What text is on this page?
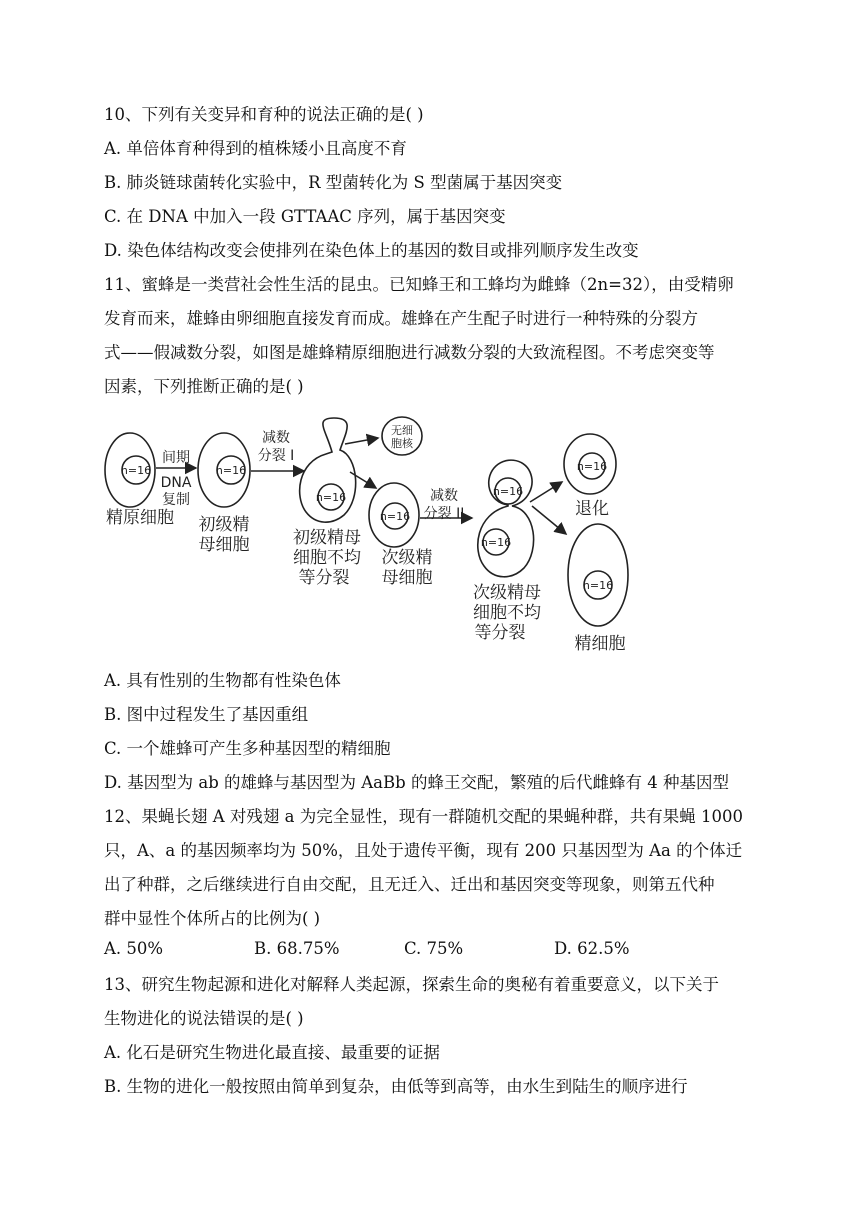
10、下列有关变异和育种的说法正确的是( )
A. 单倍体育种得到的植株矮小且高度不育
B. 肺炎链球菌转化实验中，R 型菌转化为 S 型菌属于基因突变
C. 在 DNA 中加入一段 GTTAAC 序列，属于基因突变
D. 染色体结构改变会使排列在染色体上的基因的数目或排列顺序发生改变
11、蜜蜂是一类营社会性生活的昆虫。已知蜂王和工蜂均为雌蜂（2n=32），由受精卵
发育而来，雄蜂由卵细胞直接发育而成。雄蜂在产生配子时进行一种特殊的分裂方
式——假减数分裂，如图是雄蜂精原细胞进行减数分裂的大致流程图。不考虑突变等
因素，下列推断正确的是( )
n=16	n=16
n=16
n=16
n=16
n=16
n=16
n=16
无细
胞核
间期
DNA
复制
减数
分裂 I
减数
分裂 II
精原细胞 初级精
母细胞	初级精母
细胞不均
等分裂
次级精
母细胞
次级精母
细胞不均
等分裂
退化
精细胞
A. 具有性别的生物都有性染色体
B. 图中过程发生了基因重组
C. 一个雄蜂可产生多种基因型的精细胞
D. 基因型为 ab 的雄蜂与基因型为 AaBb 的蜂王交配，繁殖的后代雌蜂有 4 种基因型
12、果蝇长翅 A 对残翅 a 为完全显性，现有一群随机交配的果蝇种群，共有果蝇 1000
只，A、a 的基因频率均为 50%，且处于遗传平衡，现有 200 只基因型为 Aa 的个体迁
出了种群，之后继续进行自由交配，且无迁入、迁出和基因突变等现象，则第五代种
群中显性个体所占的比例为( )
A. 50%	B. 68.75%	C. 75%	D. 62.5%
13、研究生物起源和进化对解释人类起源，探索生命的奥秘有着重要意义，以下关于
生物进化的说法错误的是( )
A. 化石是研究生物进化最直接、最重要的证据
B. 生物的进化一般按照由简单到复杂，由低等到高等，由水生到陆生的顺序进行
